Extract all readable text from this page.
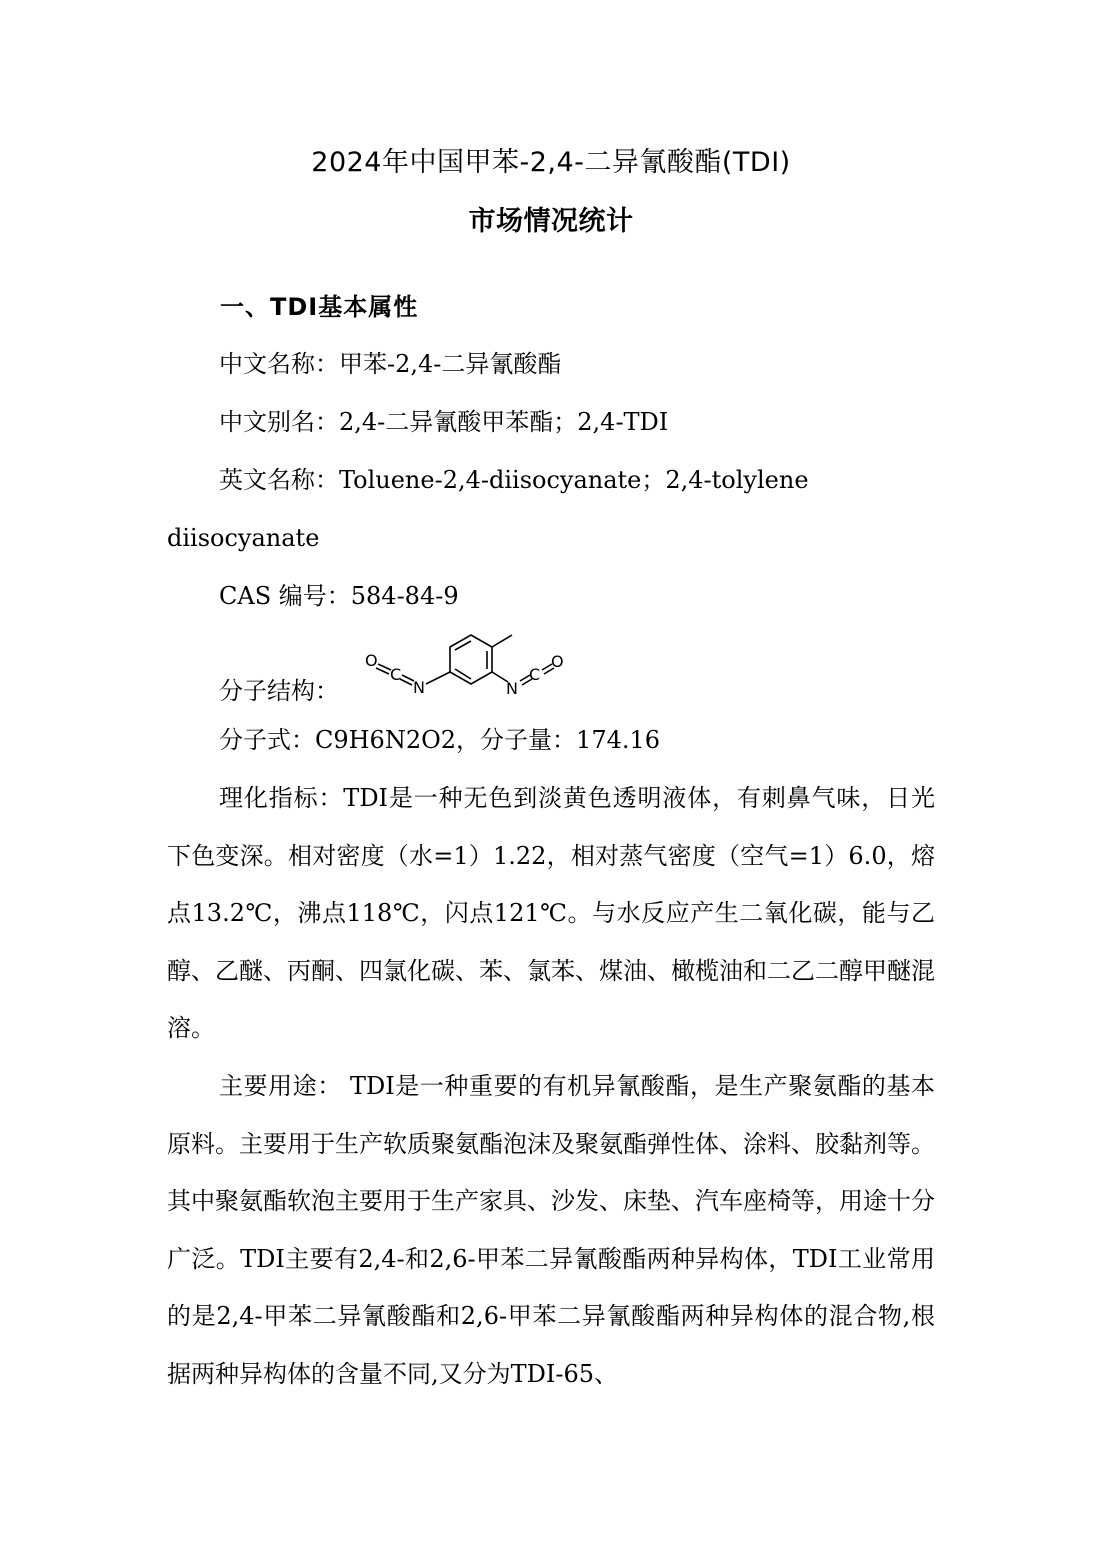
2024年中国甲苯-2,4-二异氰酸酯(TDI)
市场情况统计
一、TDI基本属性

中文名称：甲苯-2,4-二异氰酸酯

中文别名：2,4-二异氰酸甲苯酯；2,4-TDI

英文名称：Toluene-2,4-diisocyanate；2,4-tolylene

diisocyanate

CAS 编号：584-84-9

分子结构：

O
C
N	N
C
O

分子式：C9H6N2O2，分子量：174.16

理化指标：TDI是一种无色到淡黄色透明液体，有刺鼻气味，日光下色变深。相对密度（水=1）1.22，相对蒸气密度（空气=1）6.0，熔点13.2℃，沸点118℃，闪点121℃。与水反应产生二氧化碳，能与乙醇、乙醚、丙酮、四氯化碳、苯、氯苯、煤油、橄榄油和二乙二醇甲醚混溶。

主要用途： TDI是一种重要的有机异氰酸酯，是生产聚氨酯的基本原料。主要用于生产软质聚氨酯泡沫及聚氨酯弹性体、涂料、胶黏剂等。其中聚氨酯软泡主要用于生产家具、沙发、床垫、汽车座椅等，用途十分广泛。TDI主要有2,4-和2,6-甲苯二异氰酸酯两种异构体，TDI工业常用的是2,4-甲苯二异氰酸酯和2,6-甲苯二异氰酸酯两种异构体的混合物,根据两种异构体的含量不同,又分为TDI-65、
